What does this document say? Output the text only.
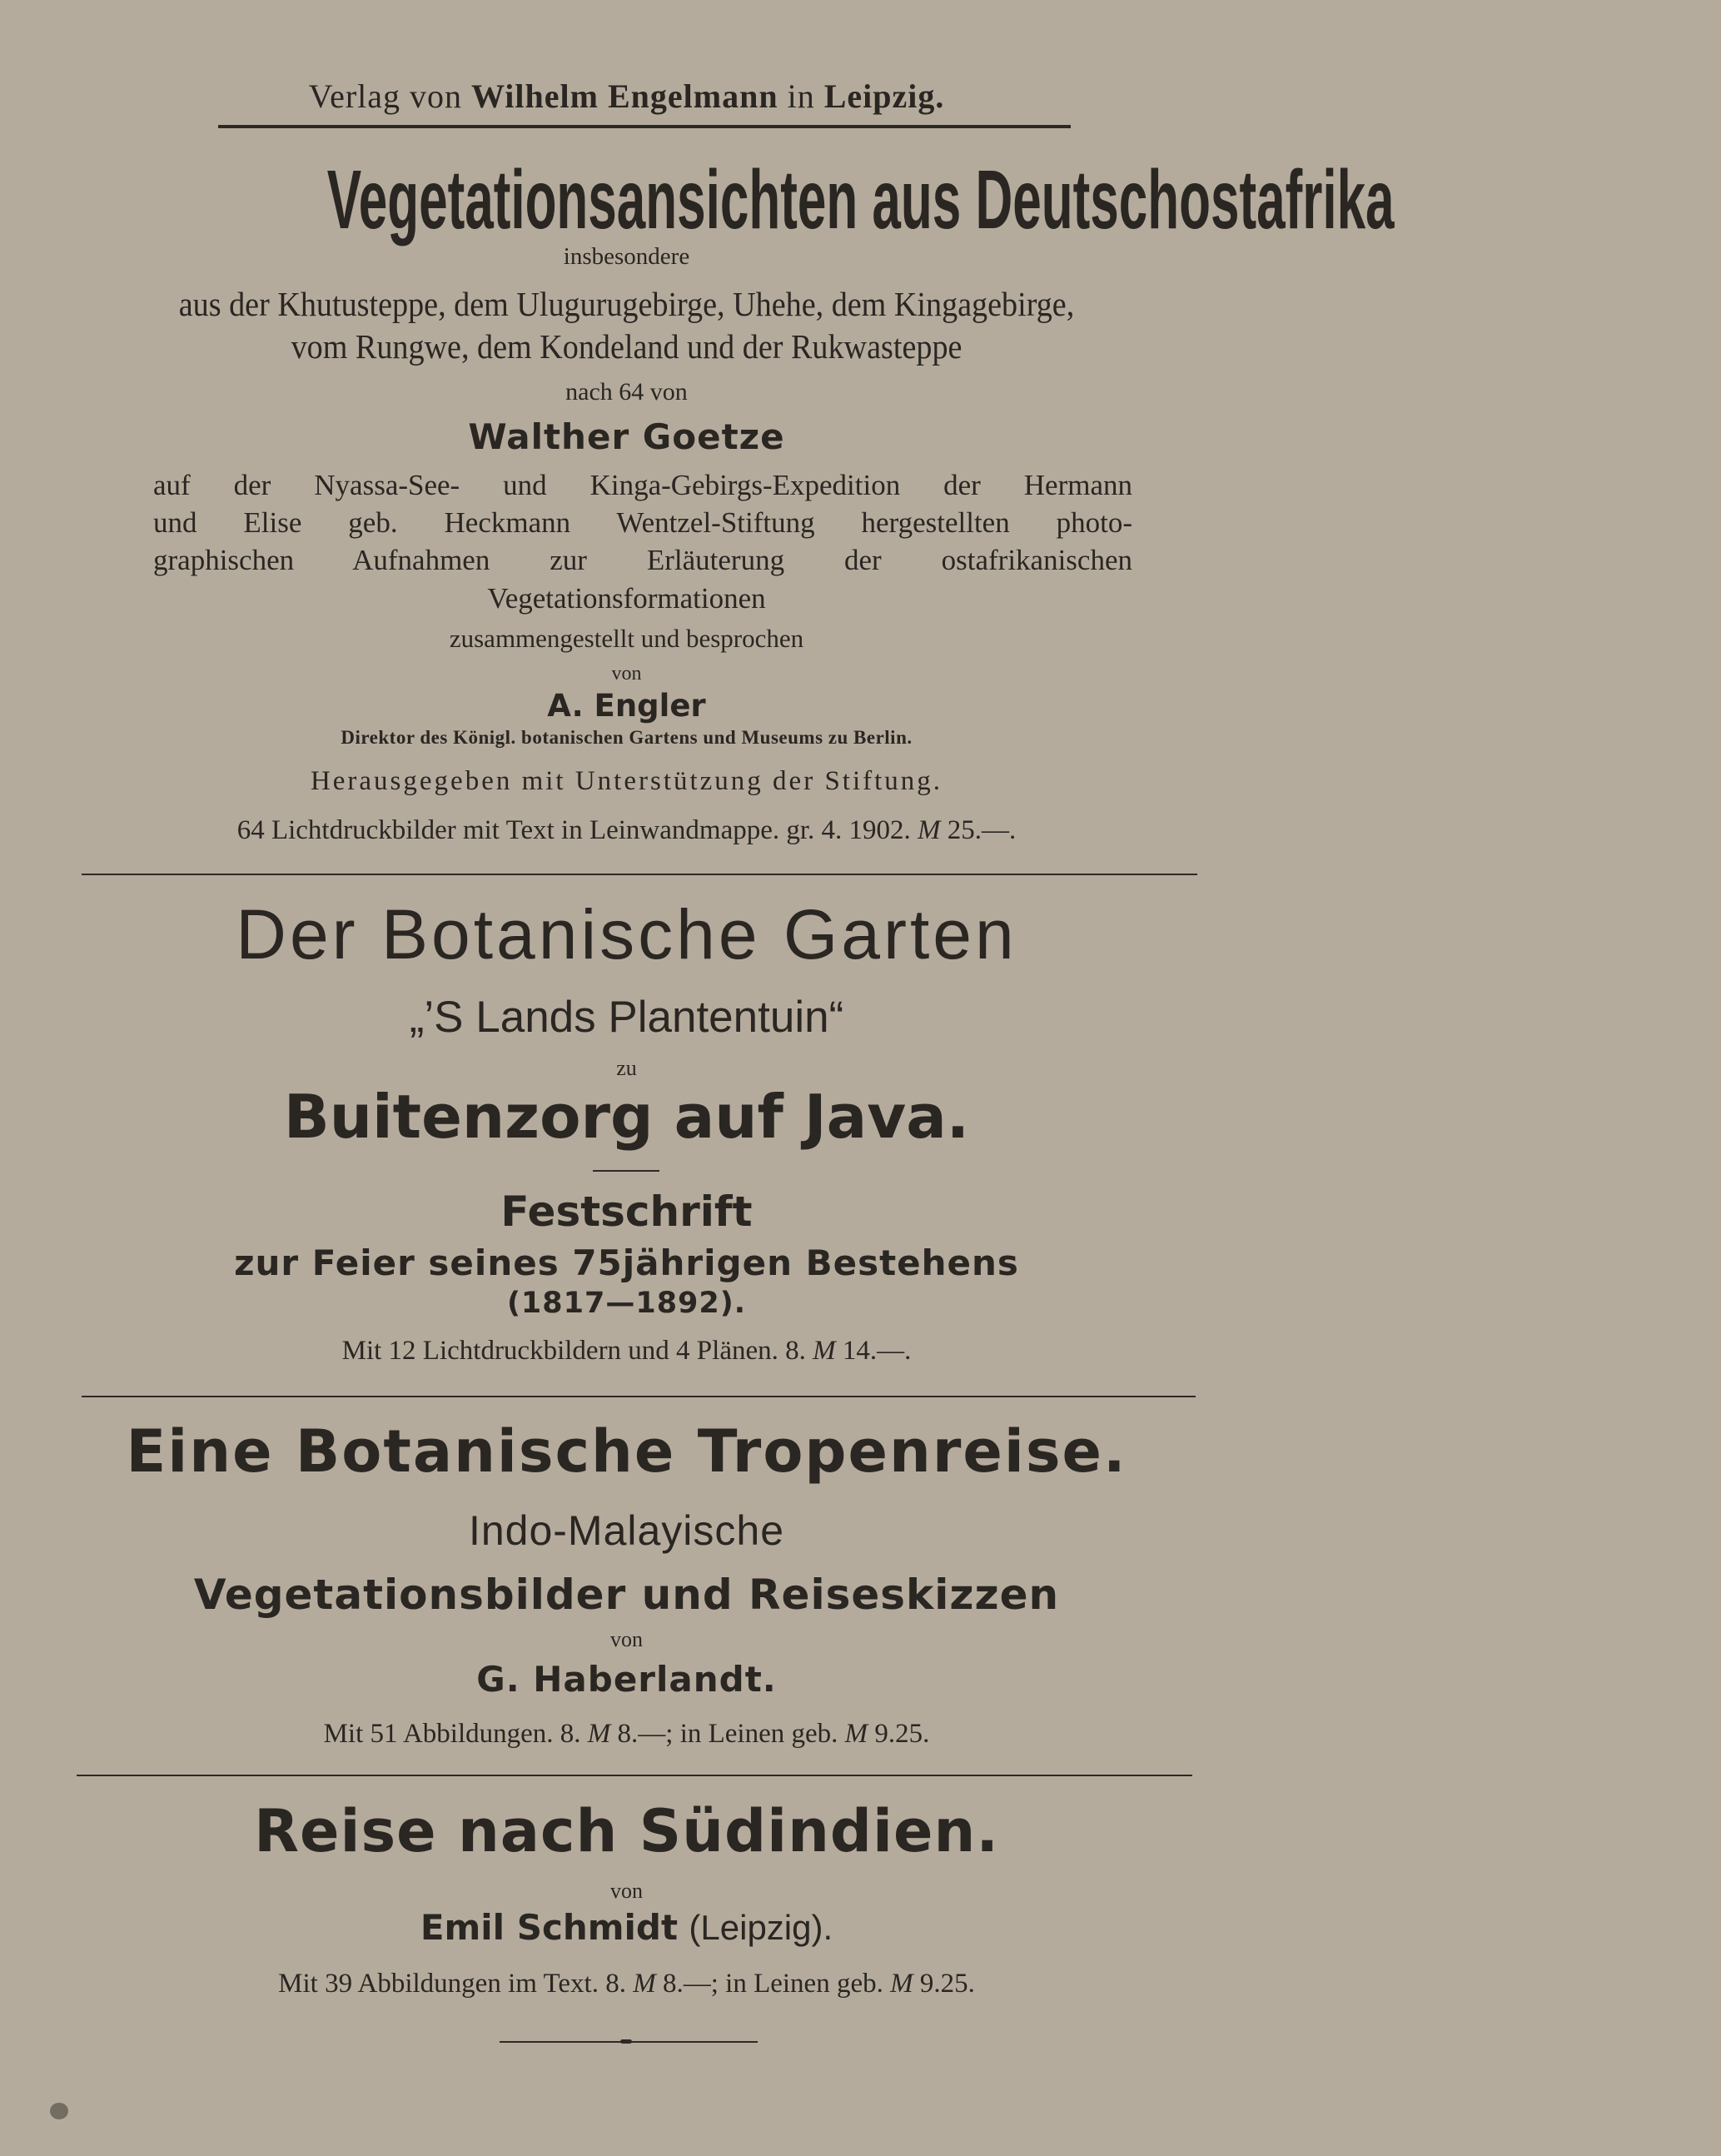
Verlag von Wilhelm Engelmann in Leipzig.
Vegetationsansichten aus Deutschostafrika
insbesondere
aus der Khutusteppe, dem Ulugurugebirge, Uhehe, dem Kingagebirge,
vom Rungwe, dem Kondeland und der Rukwasteppe
nach 64 von
Walther Goetze
auf der Nyassa-See- und Kinga-Gebirgs-Expedition der Hermann
und Elise geb. Heckmann Wentzel-Stiftung hergestellten photo-
graphischen Aufnahmen zur Erläuterung der ostafrikanischen
Vegetationsformationen
zusammengestellt und besprochen
von
A. Engler
Direktor des Königl. botanischen Gartens und Museums zu Berlin.
Herausgegeben mit Unterstützung der Stiftung.
64 Lichtdruckbilder mit Text in Leinwandmappe. gr. 4. 1902. M 25.—.
Der Botanische Garten
„’S Lands Plantentuin“
zu
Buitenzorg auf Java.
Festschrift
zur Feier seines 75jährigen Bestehens
(1817—1892).
Mit 12 Lichtdruckbildern und 4 Plänen. 8. M 14.—.
Eine Botanische Tropenreise.
Indo-Malayische
Vegetationsbilder und Reiseskizzen
von
G. Haberlandt.
Mit 51 Abbildungen. 8. M 8.—; in Leinen geb. M 9.25.
Reise nach Südindien.
von
Emil Schmidt (Leipzig).
Mit 39 Abbildungen im Text. 8. M 8.—; in Leinen geb. M 9.25.
